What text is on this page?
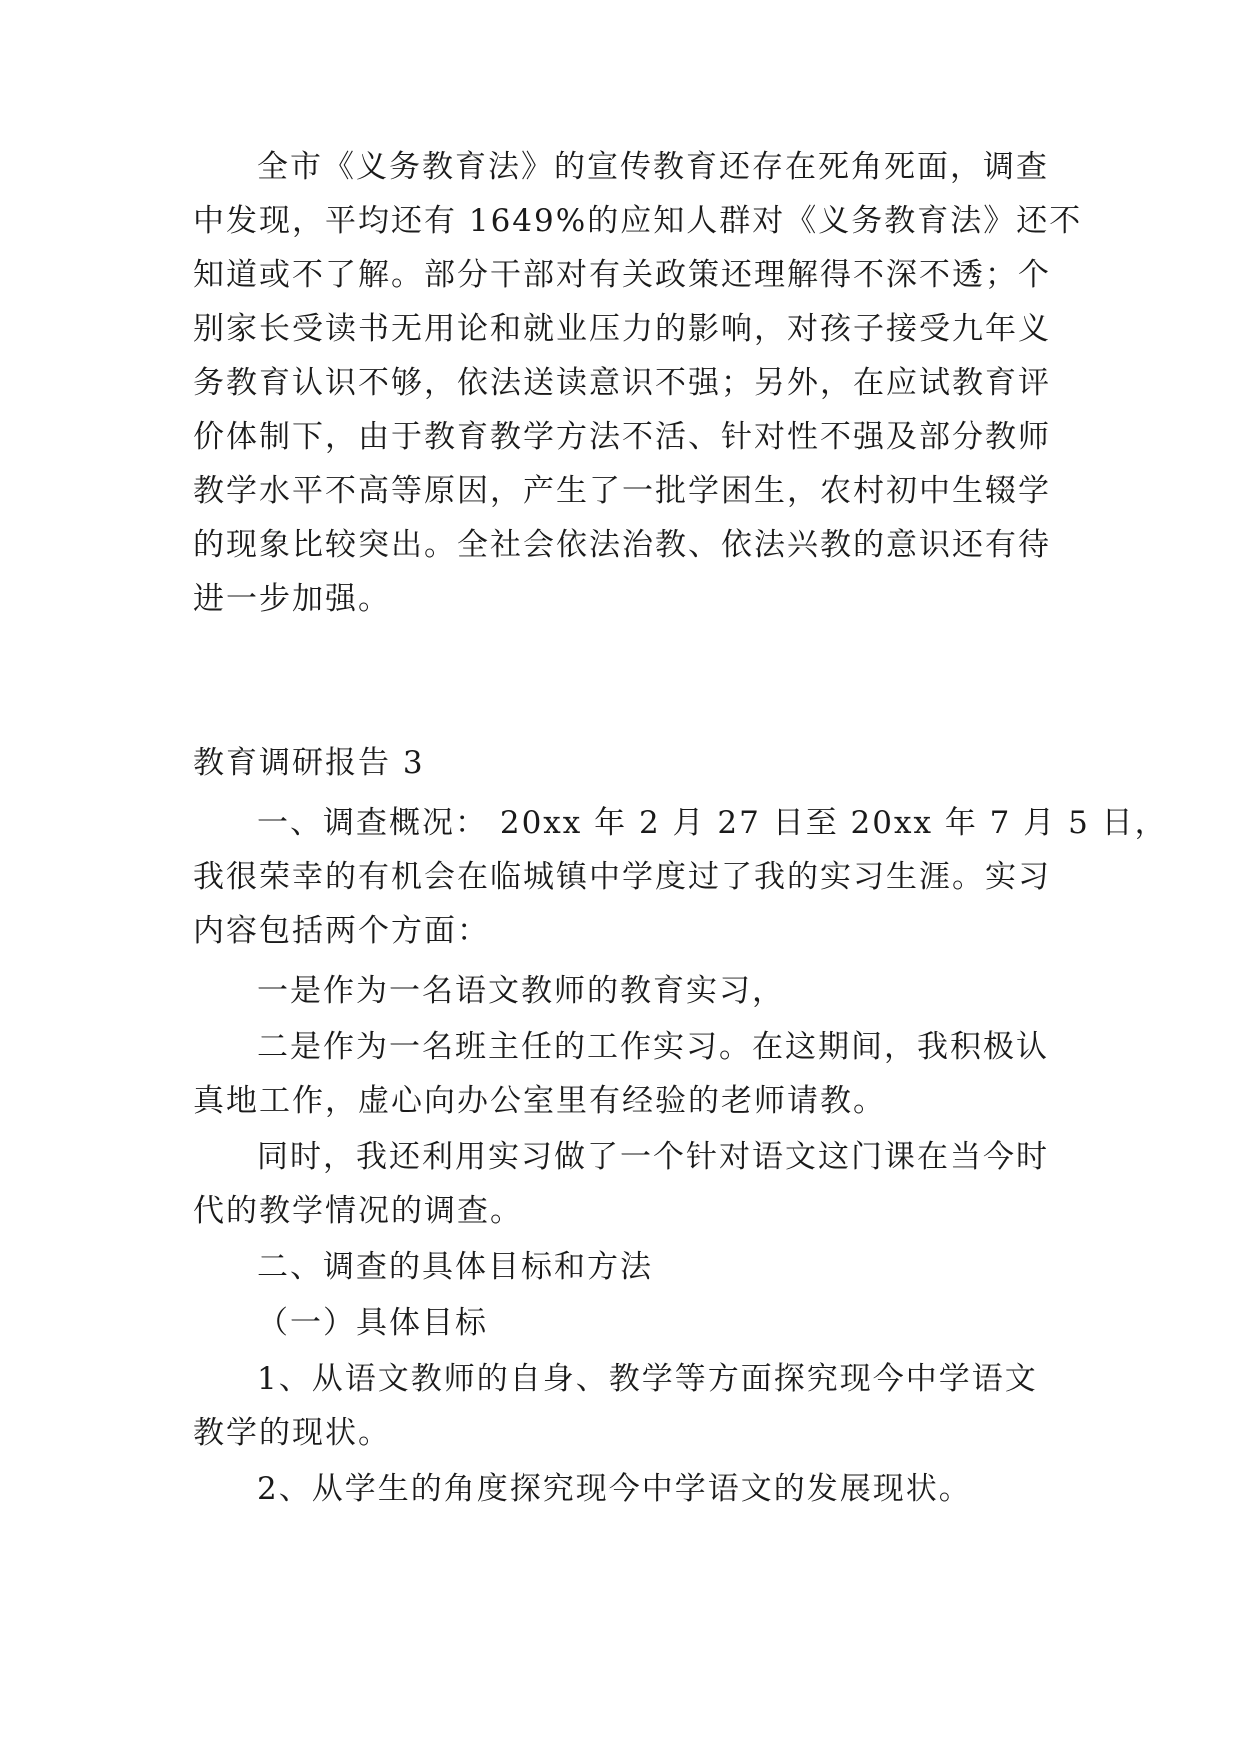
全市《义务教育法》的宣传教育还存在死角死面，调查
中发现，平均还有 1649%的应知人群对《义务教育法》还不
知道或不了解。部分干部对有关政策还理解得不深不透；个
别家长受读书无用论和就业压力的影响，对孩子接受九年义
务教育认识不够，依法送读意识不强；另外，在应试教育评
价体制下，由于教育教学方法不活、针对性不强及部分教师
教学水平不高等原因，产生了一批学困生，农村初中生辍学
的现象比较突出。全社会依法治教、依法兴教的意识还有待
进一步加强。
教育调研报告 3
一、调查概况： 20xx 年 2 月 27 日至 20xx 年 7 月 5 日，
我很荣幸的有机会在临城镇中学度过了我的实习生涯。实习
内容包括两个方面：
一是作为一名语文教师的教育实习，
二是作为一名班主任的工作实习。在这期间，我积极认
真地工作，虚心向办公室里有经验的老师请教。
同时，我还利用实习做了一个针对语文这门课在当今时
代的教学情况的调查。
二、调查的具体目标和方法
（一）具体目标
1、从语文教师的自身、教学等方面探究现今中学语文
教学的现状。
2、从学生的角度探究现今中学语文的发展现状。
